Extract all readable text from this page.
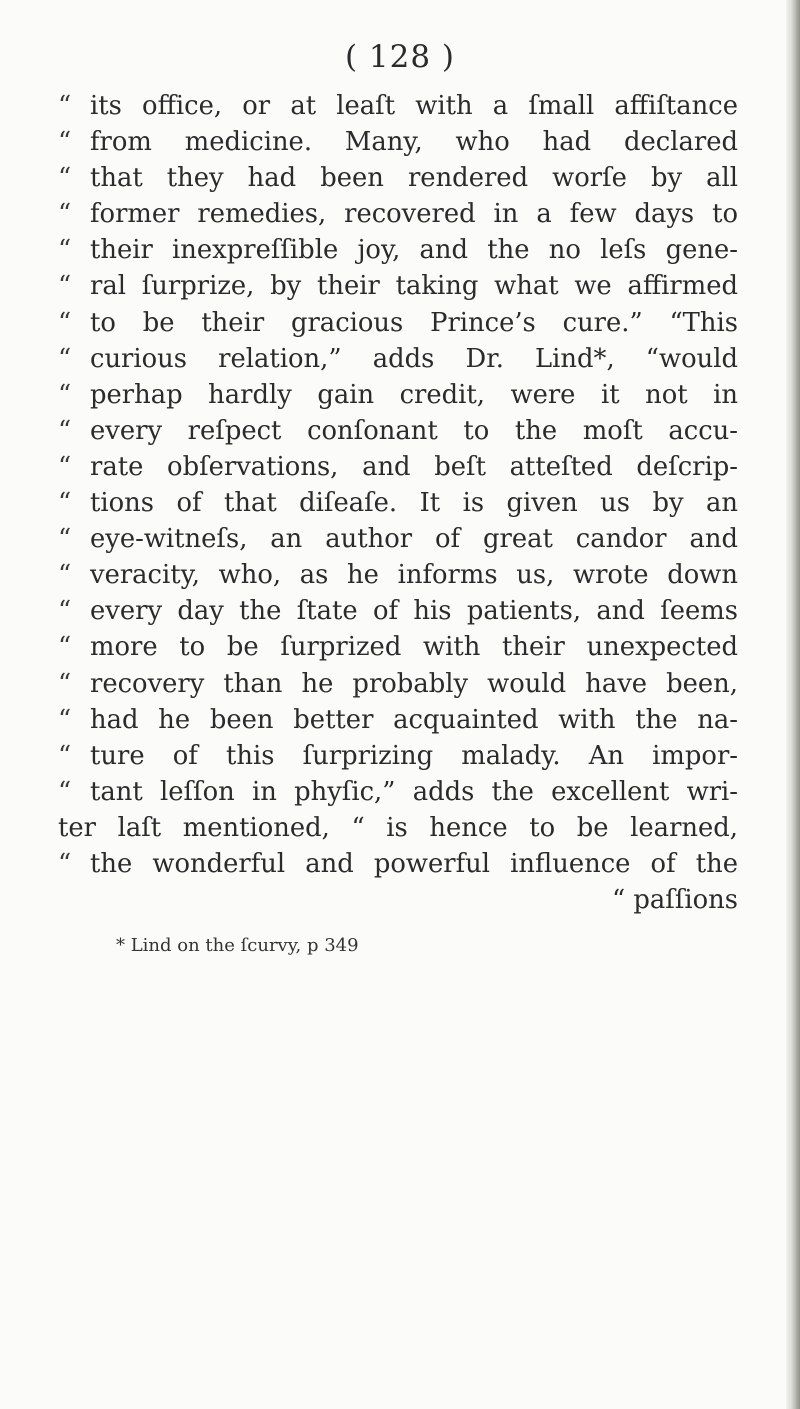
( 128 )
“ its office, or at leaſt with a ſmall affiſtance
“ from medicine. Many, who had declared
“ that they had been rendered worſe by all
“ former remedies, recovered in a few days to
“ their inexpreſſible joy, and the no leſs gene-
“ ral ſurprize, by their taking what we affirmed
“ to be their gracious Prince’s cure.” “This
“ curious relation,” adds Dr. Lind*, “would
“ perhap hardly gain credit, were it not in
“ every reſpect conſonant to the moſt accu-
“ rate obſervations, and beſt atteſted deſcrip-
“ tions of that diſeaſe. It is given us by an
“ eye-witneſs, an author of great candor and
“ veracity, who, as he informs us, wrote down
“ every day the ſtate of his patients, and ſeems
“ more to be ſurprized with their unexpected
“ recovery than he probably would have been,
“ had he been better acquainted with the na-
“ ture of this ſurprizing malady. An impor-
“ tant leſſon in phyſic,” adds the excellent wri-
ter laſt mentioned, “ is hence to be learned,
“ the wonderful and powerful influence of the
“ paſſions
* Lind on the ſcurvy, p 349
